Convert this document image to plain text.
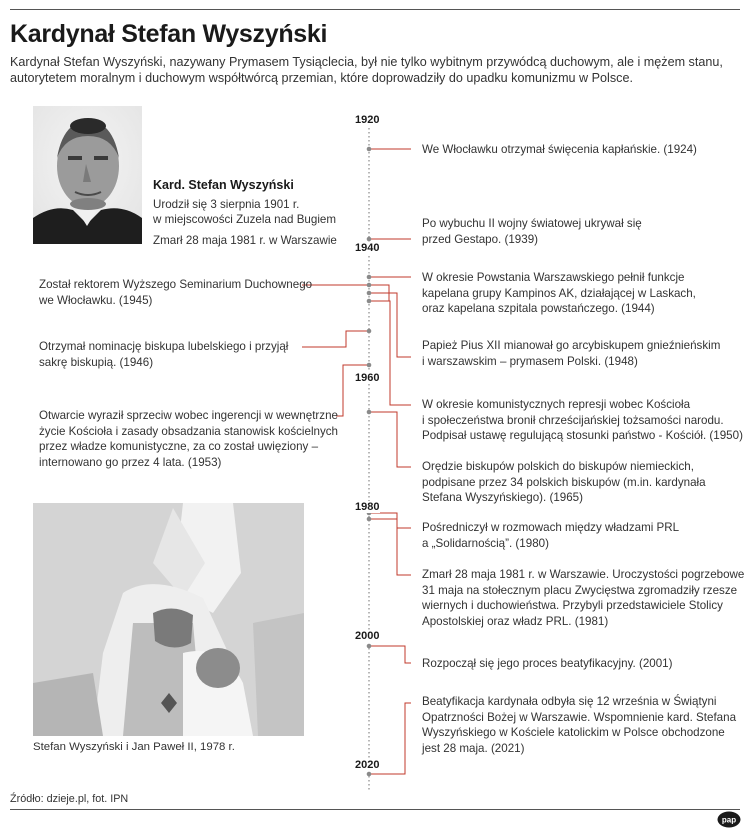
Kardynał Stefan Wyszyński
Kardynał Stefan Wyszyński, nazywany Prymasem Tysiąclecia, był nie tylko wybitnym przywódcą duchowym, ale i mężem stanu, autorytetem moralnym i duchowym współtwórcą przemian, które doprowadziły do upadku komunizmu w Polsce.
Kard. Stefan Wyszyński
Urodził się 3 sierpnia 1901 r.
w miejscowości Zuzela nad Bugiem
Zmarł 28 maja 1981 r. w Warszawie
1920
1940
1960
1980
2000
2020
We Włocławku otrzymał święcenia kapłańskie. (1924)
Po wybuchu II wojny światowej ukrywał się
przed Gestapo. (1939)
W okresie Powstania Warszawskiego pełnił funkcje
kapelana grupy Kampinos AK, działającej w Laskach,
oraz kapelana szpitala powstańczego. (1944)
Papież Pius XII mianował go arcybiskupem gnieźnieńskim
i warszawskim – prymasem Polski. (1948)
W okresie komunistycznych represji wobec Kościoła
i społeczeństwa bronił chrześcijańskiej tożsamości narodu.
Podpisał ustawę regulującą stosunki państwo - Kościół. (1950)
Orędzie biskupów polskich do biskupów niemieckich,
podpisane przez 34 polskich biskupów (m.in. kardynała
Stefana Wyszyńskiego). (1965)
Pośredniczył w rozmowach między władzami PRL
a „Solidarnością”. (1980)
Zmarł 28 maja 1981 r. w Warszawie. Uroczystości pogrzebowe
31 maja na stołecznym placu Zwycięstwa zgromadziły rzesze
wiernych i duchowieństwa. Przybyli przedstawiciele Stolicy
Apostolskiej oraz władz PRL. (1981)
Rozpoczął się jego proces beatyfikacyjny. (2001)
Beatyfikacja kardynała odbyła się 12 września w Świątyni
Opatrzności Bożej w Warszawie. Wspomnienie kard. Stefana
Wyszyńskiego w Kościele katolickim w Polsce obchodzone
jest 28 maja. (2021)
Został rektorem Wyższego Seminarium Duchownego
we Włocławku. (1945)
Otrzymał nominację biskupa lubelskiego i przyjął
sakrę biskupią. (1946)
Otwarcie wyraził sprzeciw wobec ingerencji w wewnętrzne
życie Kościoła i zasady obsadzania stanowisk kościelnych
przez władze komunistyczne, za co został uwięziony –
internowano go przez 4 lata. (1953)
Stefan Wyszyński i Jan Paweł II, 1978 r.
Źródło: dzieje.pl, fot. IPN
pap
